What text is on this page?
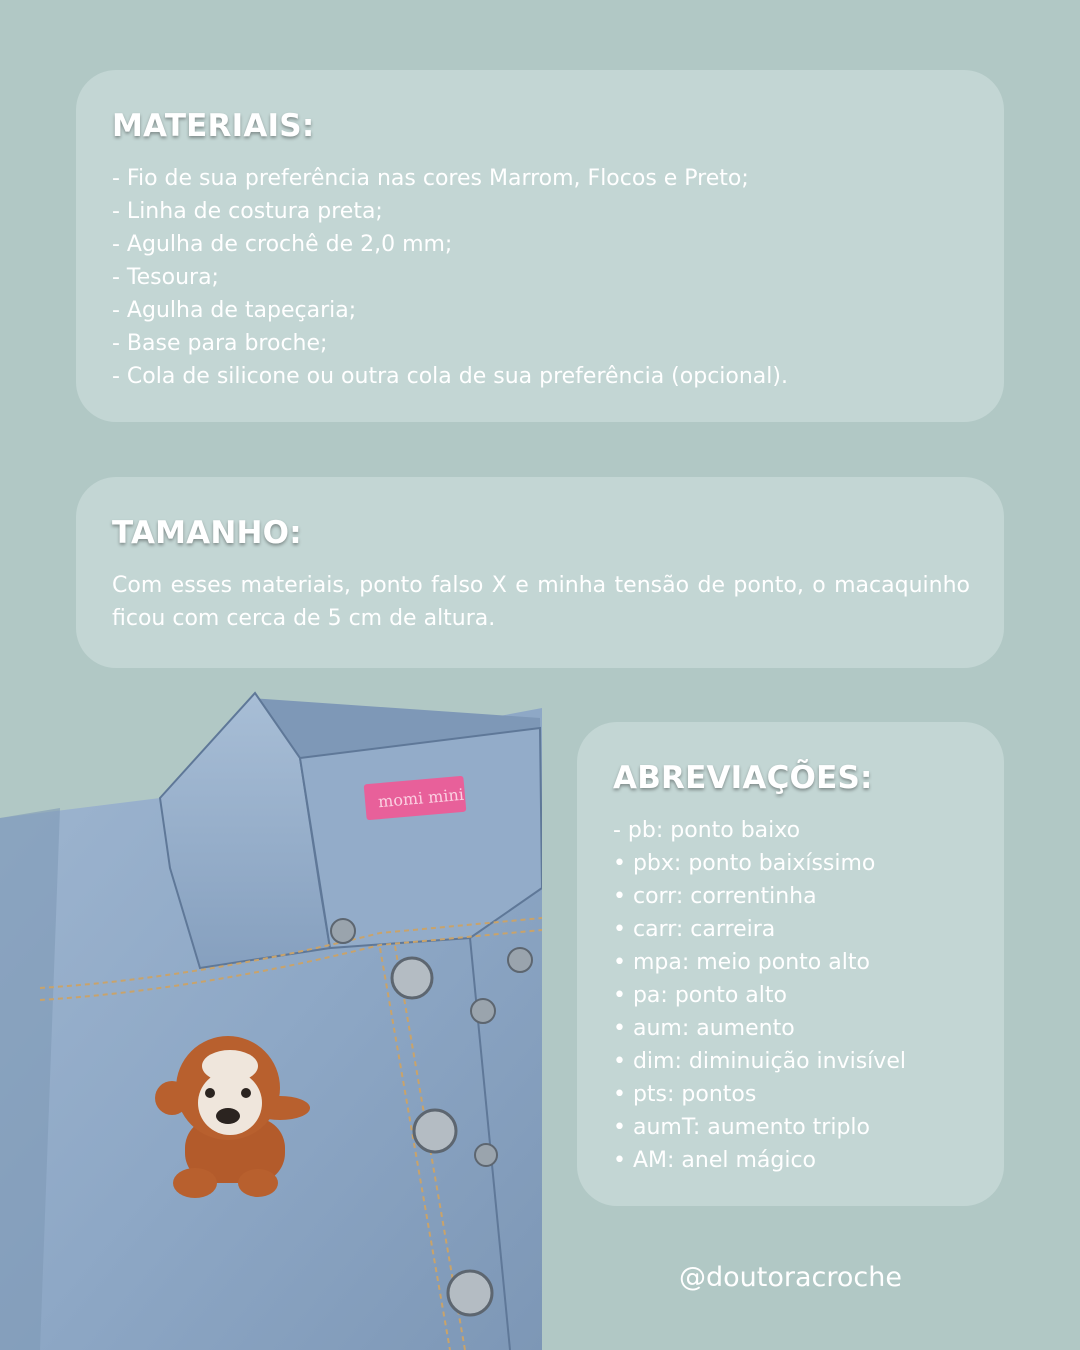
MATERIAIS:
- Fio de sua preferência nas cores Marrom, Flocos e Preto;
- Linha de costura preta;
- Agulha de crochê de 2,0 mm;
- Tesoura;
- Agulha de tapeçaria;
- Base para broche;
- Cola de silicone ou outra cola de sua preferência (opcional).
TAMANHO:

Com esses materiais, ponto falso X e minha tensão de ponto, o macaquinho ficou com cerca de 5 cm de altura.

momi mini
ABREVIAÇÕES:
- pb: ponto baixo
• pbx: ponto baixíssimo
• corr: correntinha
• carr: carreira
• mpa: meio ponto alto
• pa: ponto alto
• aum: aumento
• dim: diminuição invisível
• pts: pontos
• aumT: aumento triplo
• AM: anel mágico
@doutoracroche
